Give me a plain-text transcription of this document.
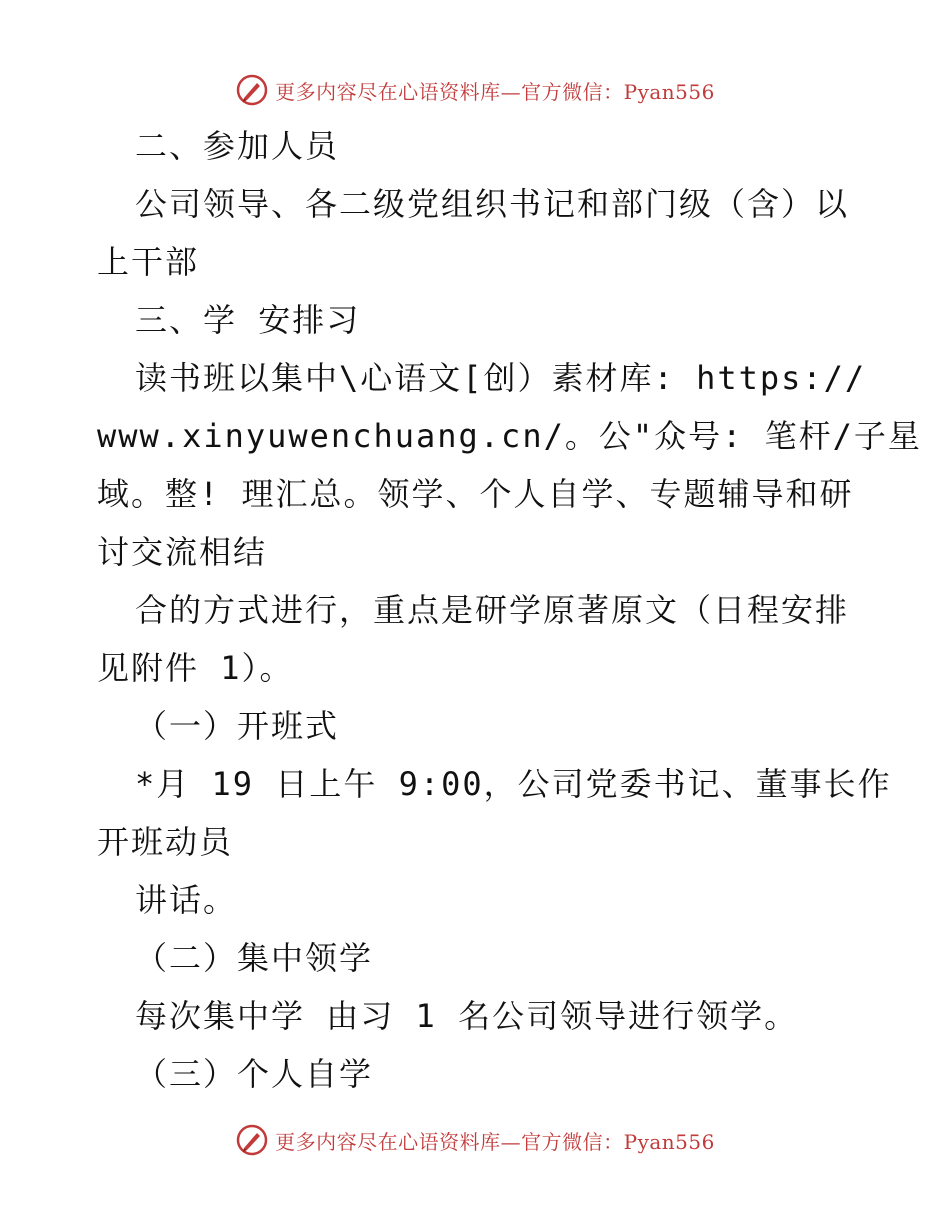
更多内容尽在心语资料库—官方微信：Pyan556
二、参加人员
公司领导、各二级党组织书记和部门级（含）以
上干部
三、学 安排习
读书班以集中\心语文[创）素材库: https://
www.xinyuwenchuang.cn/。公"众号: 笔杆/子星
域。整! 理汇总。领学、个人自学、专题辅导和研
讨交流相结
合的方式进行，重点是研学原著原文（日程安排
见附件 1）。
（一）开班式
*月 19 日上午 9:00，公司党委书记、董事长作
开班动员
讲话。
（二）集中领学
每次集中学 由习 1 名公司领导进行领学。
（三）个人自学
更多内容尽在心语资料库—官方微信：Pyan556
